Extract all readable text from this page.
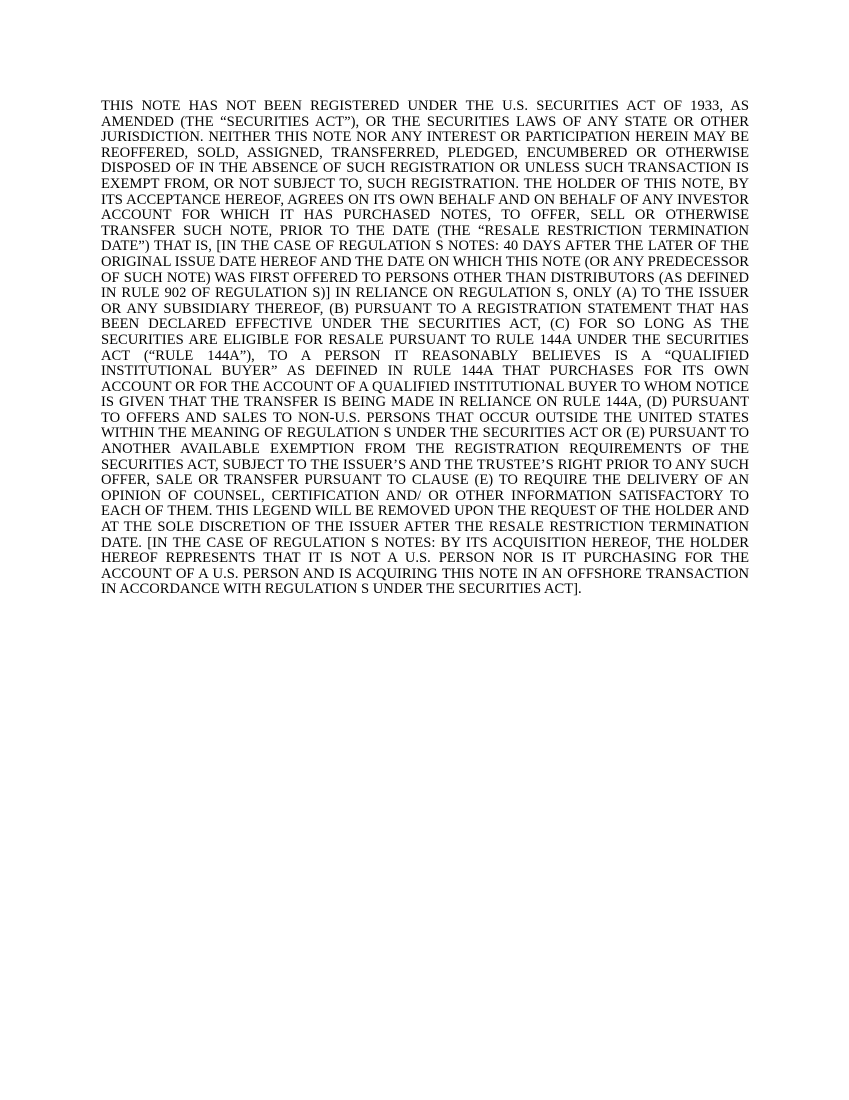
THIS NOTE HAS NOT BEEN REGISTERED UNDER THE U.S. SECURITIES ACT OF 1933, AS AMENDED (THE “SECURITIES ACT”), OR THE SECURITIES LAWS OF ANY STATE OR OTHER JURISDICTION. NEITHER THIS NOTE NOR ANY INTEREST OR PARTICIPATION HEREIN MAY BE REOFFERED, SOLD, ASSIGNED, TRANSFERRED, PLEDGED, ENCUMBERED OR OTHERWISE DISPOSED OF IN THE ABSENCE OF SUCH REGISTRATION OR UNLESS SUCH TRANSACTION IS EXEMPT FROM, OR NOT SUBJECT TO, SUCH REGISTRATION. THE HOLDER OF THIS NOTE, BY ITS ACCEPTANCE HEREOF, AGREES ON ITS OWN BEHALF AND ON BEHALF OF ANY INVESTOR ACCOUNT FOR WHICH IT HAS PURCHASED NOTES, TO OFFER, SELL OR OTHERWISE TRANSFER SUCH NOTE, PRIOR TO THE DATE (THE “RESALE RESTRICTION TERMINATION DATE”) THAT IS, [IN THE CASE OF REGULATION S NOTES: 40 DAYS AFTER THE LATER OF THE ORIGINAL ISSUE DATE HEREOF AND THE DATE ON WHICH THIS NOTE (OR ANY PREDECESSOR OF SUCH NOTE) WAS FIRST OFFERED TO PERSONS OTHER THAN DISTRIBUTORS (AS DEFINED IN RULE 902 OF REGULATION S)] IN RELIANCE ON REGULATION S, ONLY (A) TO THE ISSUER OR ANY SUBSIDIARY THEREOF, (B) PURSUANT TO A REGISTRATION STATEMENT THAT HAS BEEN DECLARED EFFECTIVE UNDER THE SECURITIES ACT, (C) FOR SO LONG AS THE SECURITIES ARE ELIGIBLE FOR RESALE PURSUANT TO RULE 144A UNDER THE SECURITIES ACT (“RULE 144A”), TO A PERSON IT REASONABLY BELIEVES IS A “QUALIFIED INSTITUTIONAL BUYER” AS DEFINED IN RULE 144A THAT PURCHASES FOR ITS OWN ACCOUNT OR FOR THE ACCOUNT OF A QUALIFIED INSTITUTIONAL BUYER TO WHOM NOTICE IS GIVEN THAT THE TRANSFER IS BEING MADE IN RELIANCE ON RULE 144A, (D) PURSUANT TO OFFERS AND SALES TO NON-U.S. PERSONS THAT OCCUR OUTSIDE THE UNITED STATES WITHIN THE MEANING OF REGULATION S UNDER THE SECURITIES ACT OR (E) PURSUANT TO ANOTHER AVAILABLE EXEMPTION FROM THE REGISTRATION REQUIREMENTS OF THE SECURITIES ACT, SUBJECT TO THE ISSUER’S AND THE TRUSTEE’S RIGHT PRIOR TO ANY SUCH OFFER, SALE OR TRANSFER PURSUANT TO CLAUSE (E) TO REQUIRE THE DELIVERY OF AN OPINION OF COUNSEL, CERTIFICATION AND/ OR OTHER INFORMATION SATISFACTORY TO EACH OF THEM. THIS LEGEND WILL BE REMOVED UPON THE REQUEST OF THE HOLDER AND AT THE SOLE DISCRETION OF THE ISSUER AFTER THE RESALE RESTRICTION TERMINATION DATE. [IN THE CASE OF REGULATION S NOTES: BY ITS ACQUISITION HEREOF, THE HOLDER HEREOF REPRESENTS THAT IT IS NOT A U.S. PERSON NOR IS IT PURCHASING FOR THE ACCOUNT OF A U.S. PERSON AND IS ACQUIRING THIS NOTE IN AN OFFSHORE TRANSACTION IN ACCORDANCE WITH REGULATION S UNDER THE SECURITIES ACT].
